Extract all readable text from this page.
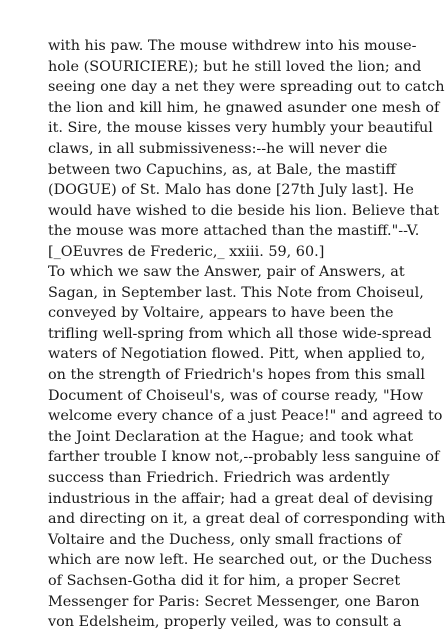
with his paw. The mouse withdrew into his mouse-
hole (SOURICIERE); but he still loved the lion; and
seeing one day a net they were spreading out to catch
the lion and kill him, he gnawed asunder one mesh of
it. Sire, the mouse kisses very humbly your beautiful
claws, in all submissiveness:--he will never die
between two Capuchins, as, at Bale, the mastiff
(DOGUE) of St. Malo has done [27th July last]. He
would have wished to die beside his lion. Believe that
the mouse was more attached than the mastiff."--V.
[_OEuvres de Frederic,_ xxiii. 59, 60.]
To which we saw the Answer, pair of Answers, at
Sagan, in September last. This Note from Choiseul,
conveyed by Voltaire, appears to have been the
trifling well-spring from which all those wide-spread
waters of Negotiation flowed. Pitt, when applied to,
on the strength of Friedrich's hopes from this small
Document of Choiseul's, was of course ready, "How
welcome every chance of a just Peace!" and agreed to
the Joint Declaration at the Hague; and took what
farther trouble I know not,--probably less sanguine of
success than Friedrich. Friedrich was ardently
industrious in the affair; had a great deal of devising
and directing on it, a great deal of corresponding with
Voltaire and the Duchess, only small fractions of
which are now left. He searched out, or the Duchess
of Sachsen-Gotha did it for him, a proper Secret
Messenger for Paris: Secret Messenger, one Baron
von Edelsheim, properly veiled, was to consult a
